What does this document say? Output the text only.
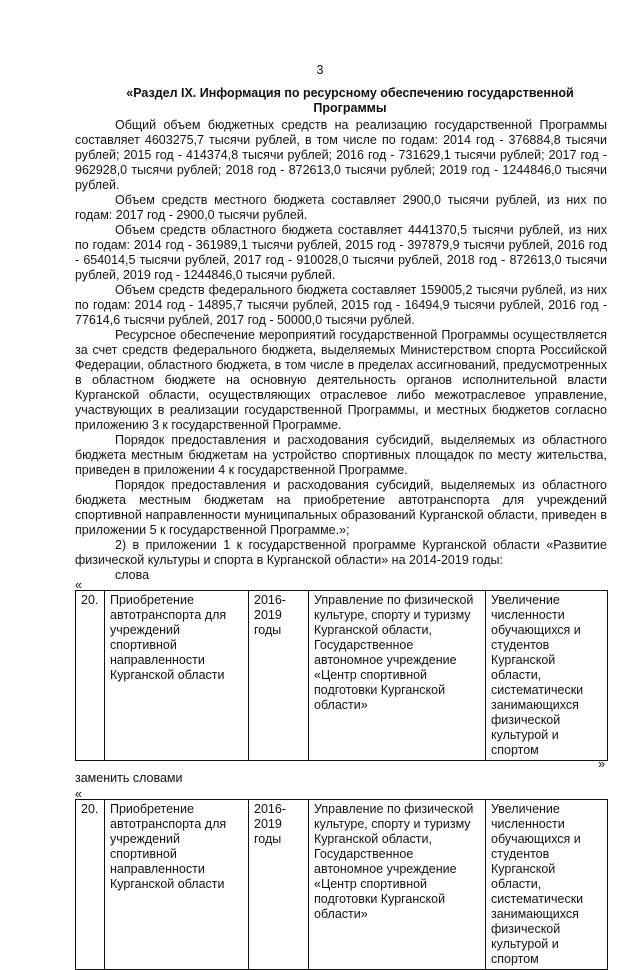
3
«Раздел IX. Информация по ресурсному обеспечению государственной Программы

Общий объем бюджетных средств на реализацию государственной Программы составляет 4603275,7 тысячи рублей, в том числе по годам: 2014 год - 376884,8 тысячи рублей; 2015 год - 414374,8 тысячи рублей; 2016 год - 731629,1 тысячи рублей; 2017 год - 962928,0 тысячи рублей; 2018 год - 872613,0 тысячи рублей; 2019 год - 1244846,0 тысячи рублей.

Объем средств местного бюджета составляет 2900,0 тысячи рублей, из них по годам: 2017 год - 2900,0 тысячи рублей.

Объем средств областного бюджета составляет 4441370,5 тысячи рублей, из них по годам: 2014 год - 361989,1 тысячи рублей, 2015 год - 397879,9 тысячи рублей, 2016 год - 654014,5 тысячи рублей, 2017 год - 910028,0 тысячи рублей, 2018 год - 872613,0 тысячи рублей, 2019 год - 1244846,0 тысячи рублей.

Объем средств федерального бюджета составляет 159005,2 тысячи рублей, из них по годам: 2014 год - 14895,7 тысячи рублей, 2015 год - 16494,9 тысячи рублей, 2016 год - 77614,6 тысячи рублей, 2017 год - 50000,0 тысячи рублей.

Ресурсное обеспечение мероприятий государственной Программы осуществляется за счет средств федерального бюджета, выделяемых Министерством спорта Российской Федерации, областного бюджета, в том числе в пределах ассигнований, предусмотренных в областном бюджете на основную деятельность органов исполнительной власти Курганской области, осуществляющих отраслевое либо межотраслевое управление, участвующих в реализации государственной Программы, и местных бюджетов согласно приложению 3 к государственной Программе.

Порядок предоставления и расходования субсидий, выделяемых из областного бюджета местным бюджетам на устройство спортивных площадок по месту жительства, приведен в приложении 4 к государственной Программе.

Порядок предоставления и расходования субсидий, выделяемых из областного бюджета местным бюджетам на приобретение автотранспорта для учреждений спортивной направленности муниципальных образований Курганской области, приведен в приложении 5 к государственной Программе.»;

2) в приложении 1 к государственной программе Курганской области «Развитие физической культуры и спорта в Курганской области» на 2014-2019 годы:

слова

«
20.	Приобретение автотранспорта для учреждений спортивной направленности Курганской области	2016-2019 годы	Управление по физической культуре, спорту и туризму Курганской области, Государственное автономное учреждение «Центр спортивной подготовки Курганской области»	Увеличение численности обучающихся и студентов Курганской области, систематически занимающихся физической культурой и спортом
»
заменить словами
«
20.	Приобретение автотранспорта для учреждений спортивной направленности Курганской области	2016-2019 годы	Управление по физической культуре, спорту и туризму Курганской области, Государственное автономное учреждение «Центр спортивной подготовки Курганской области»	Увеличение численности обучающихся и студентов Курганской области, систематически занимающихся физической культурой и спортом
